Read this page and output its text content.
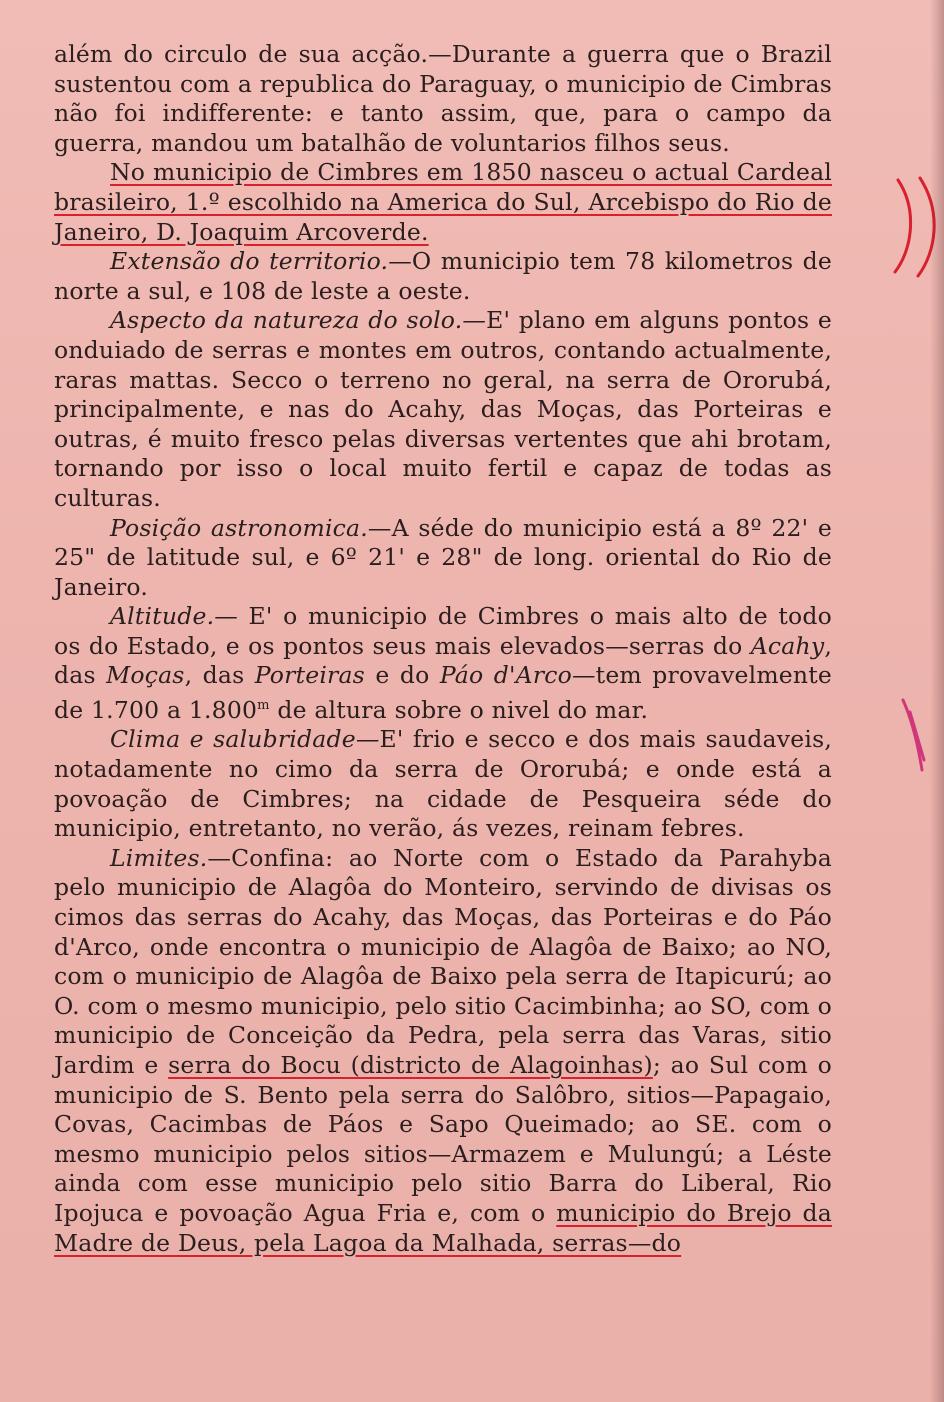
além do circulo de sua acção.—Durante a guerra que o Brazil sustentou com a republica do Paraguay, o municipio de Cimbras não foi indifferente: e tanto assim, que, para o campo da guerra, mandou um batalhão de voluntarios filhos seus.

No municipio de Cimbres em 1850 nasceu o actual Cardeal brasileiro, 1.º escolhido na America do Sul, Arcebispo do Rio de Janeiro, D. Joaquim Arcoverde.

Extensão do territorio.—O municipio tem 78 kilometros de norte a sul, e 108 de leste a oeste.

Aspecto da natureza do solo.—E' plano em alguns pontos e onduiado de serras e montes em outros, contando actualmente, raras mattas. Secco o terreno no geral, na serra de Ororubá, principalmente, e nas do Acahy, das Moças, das Porteiras e outras, é muito fresco pelas diversas vertentes que ahi brotam, tornando por isso o local muito fertil e capaz de todas as culturas.

Posição astronomica.—A séde do municipio está a 8º 22' e 25" de latitude sul, e 6º 21' e 28" de long. oriental do Rio de Janeiro.

Altitude.— E' o municipio de Cimbres o mais alto de todo os do Estado, e os pontos seus mais elevados—serras do Acahy, das Moças, das Porteiras e do Páo d'Arco—tem provavelmente de 1.700 a 1.800$^m$ de altura sobre o nivel do mar.

Clima e salubridade—E' frio e secco e dos mais saudaveis, notadamente no cimo da serra de Ororubá; e onde está a povoação de Cimbres; na cidade de Pesqueira séde do municipio, entretanto, no verão, ás vezes, reinam febres.

Limites.—Confina: ao Norte com o Estado da Parahyba pelo municipio de Alagôa do Monteiro, servindo de divisas os cimos das serras do Acahy, das Moças, das Porteiras e do Páo d'Arco, onde encontra o municipio de Alagôa de Baixo; ao NO, com o municipio de Alagôa de Baixo pela serra de Itapicurú; ao O. com o mesmo municipio, pelo sitio Cacimbinha; ao SO, com o municipio de Conceição da Pedra, pela serra das Varas, sitio Jardim e serra do Bocu (districto de Alagoinhas); ao Sul com o municipio de S. Bento pela serra do Salôbro, sitios—Papagaio, Covas, Cacimbas de Páos e Sapo Queimado; ao SE. com o mesmo municipio pelos sitios—Armazem e Mulungú; a Léste ainda com esse municipio pelo sitio Barra do Liberal, Rio Ipojuca e povoação Agua Fria e, com o municipio do Brejo da Madre de Deus, pela Lagoa da Malhada, serras—do
